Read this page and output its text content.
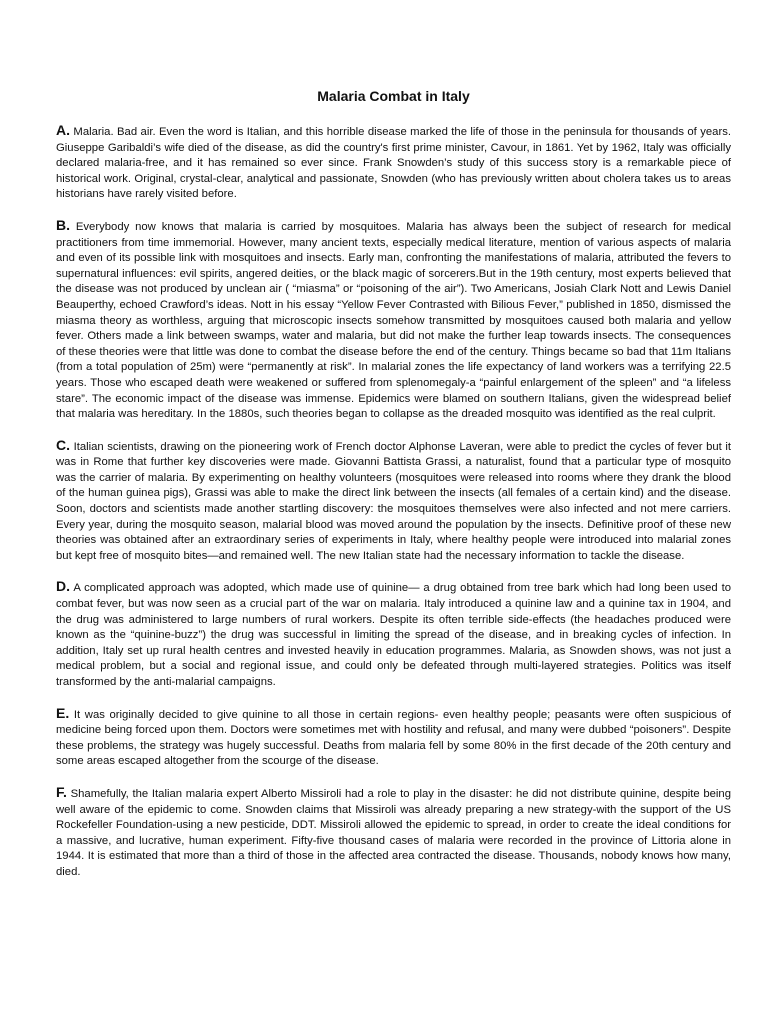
Malaria Combat in Italy

A. Malaria. Bad air. Even the word is Italian, and this horrible disease marked the life of those in the peninsula for thousands of years. Giuseppe Garibaldi’s wife died of the disease, as did the country's first prime minister, Cavour, in 1861. Yet by 1962, Italy was officially declared malaria-free, and it has remained so ever since. Frank Snowden’s study of this success story is a remarkable piece of historical work. Original, crystal-clear, analytical and passionate, Snowden (who has previously written about cholera takes us to areas historians have rarely visited before.

B. Everybody now knows that malaria is carried by mosquitoes. Malaria has always been the subject of research for medical practitioners from time immemorial. However, many ancient texts, especially medical literature, mention of various aspects of malaria and even of its possible link with mosquitoes and insects. Early man, confronting the manifestations of malaria, attributed the fevers to supernatural influences: evil spirits, angered deities, or the black magic of sorcerers.But in the 19th century, most experts believed that the disease was not produced by unclean air ( “miasma” or “poisoning of the air”). Two Americans, Josiah Clark Nott and Lewis Daniel Beauperthy, echoed Crawford’s ideas. Nott in his essay “Yellow Fever Contrasted with Bilious Fever,” published in 1850, dismissed the miasma theory as worthless, arguing that microscopic insects somehow transmitted by mosquitoes caused both malaria and yellow fever. Others made a link between swamps, water and malaria, but did not make the further leap towards insects. The consequences of these theories were that little was done to combat the disease before the end of the century. Things became so bad that 11m Italians (from a total population of 25m) were “permanently at risk”. In malarial zones the life expectancy of land workers was a terrifying 22.5 years. Those who escaped death were weakened or suffered from splenomegaly-a “painful enlargement of the spleen” and “a lifeless stare”. The economic impact of the disease was immense. Epidemics were blamed on southern Italians, given the widespread belief that malaria was hereditary. In the 1880s, such theories began to collapse as the dreaded mosquito was identified as the real culprit.

C. Italian scientists, drawing on the pioneering work of French doctor Alphonse Laveran, were able to predict the cycles of fever but it was in Rome that further key discoveries were made. Giovanni Battista Grassi, a naturalist, found that a particular type of mosquito was the carrier of malaria. By experimenting on healthy volunteers (mosquitoes were released into rooms where they drank the blood of the human guinea pigs), Grassi was able to make the direct link between the insects (all females of a certain kind) and the disease. Soon, doctors and scientists made another startling discovery: the mosquitoes themselves were also infected and not mere carriers. Every year, during the mosquito season, malarial blood was moved around the population by the insects. Definitive proof of these new theories was obtained after an extraordinary series of experiments in Italy, where healthy people were introduced into malarial zones but kept free of mosquito bites—and remained well. The new Italian state had the necessary information to tackle the disease.

D. A complicated approach was adopted, which made use of quinine— a drug obtained from tree bark which had long been used to combat fever, but was now seen as a crucial part of the war on malaria. Italy introduced a quinine law and a quinine tax in 1904, and the drug was administered to large numbers of rural workers. Despite its often terrible side-effects (the headaches produced were known as the “quinine-buzz”) the drug was successful in limiting the spread of the disease, and in breaking cycles of infection. In addition, Italy set up rural health centres and invested heavily in education programmes. Malaria, as Snowden shows, was not just a medical problem, but a social and regional issue, and could only be defeated through multi-layered strategies. Politics was itself transformed by the anti-malarial campaigns.

E. It was originally decided to give quinine to all those in certain regions- even healthy people; peasants were often suspicious of medicine being forced upon them. Doctors were sometimes met with hostility and refusal, and many were dubbed “poisoners”. Despite these problems, the strategy was hugely successful. Deaths from malaria fell by some 80% in the first decade of the 20th century and some areas escaped altogether from the scourge of the disease.

F. Shamefully, the Italian malaria expert Alberto Missiroli had a role to play in the disaster: he did not distribute quinine, despite being well aware of the epidemic to come. Snowden claims that Missiroli was already preparing a new strategy-with the support of the US Rockefeller Foundation-using a new pesticide, DDT. Missiroli allowed the epidemic to spread, in order to create the ideal conditions for a massive, and lucrative, human experiment. Fifty-five thousand cases of malaria were recorded in the province of Littoria alone in 1944. It is estimated that more than a third of those in the affected area contracted the disease. Thousands, nobody knows how many, died.
